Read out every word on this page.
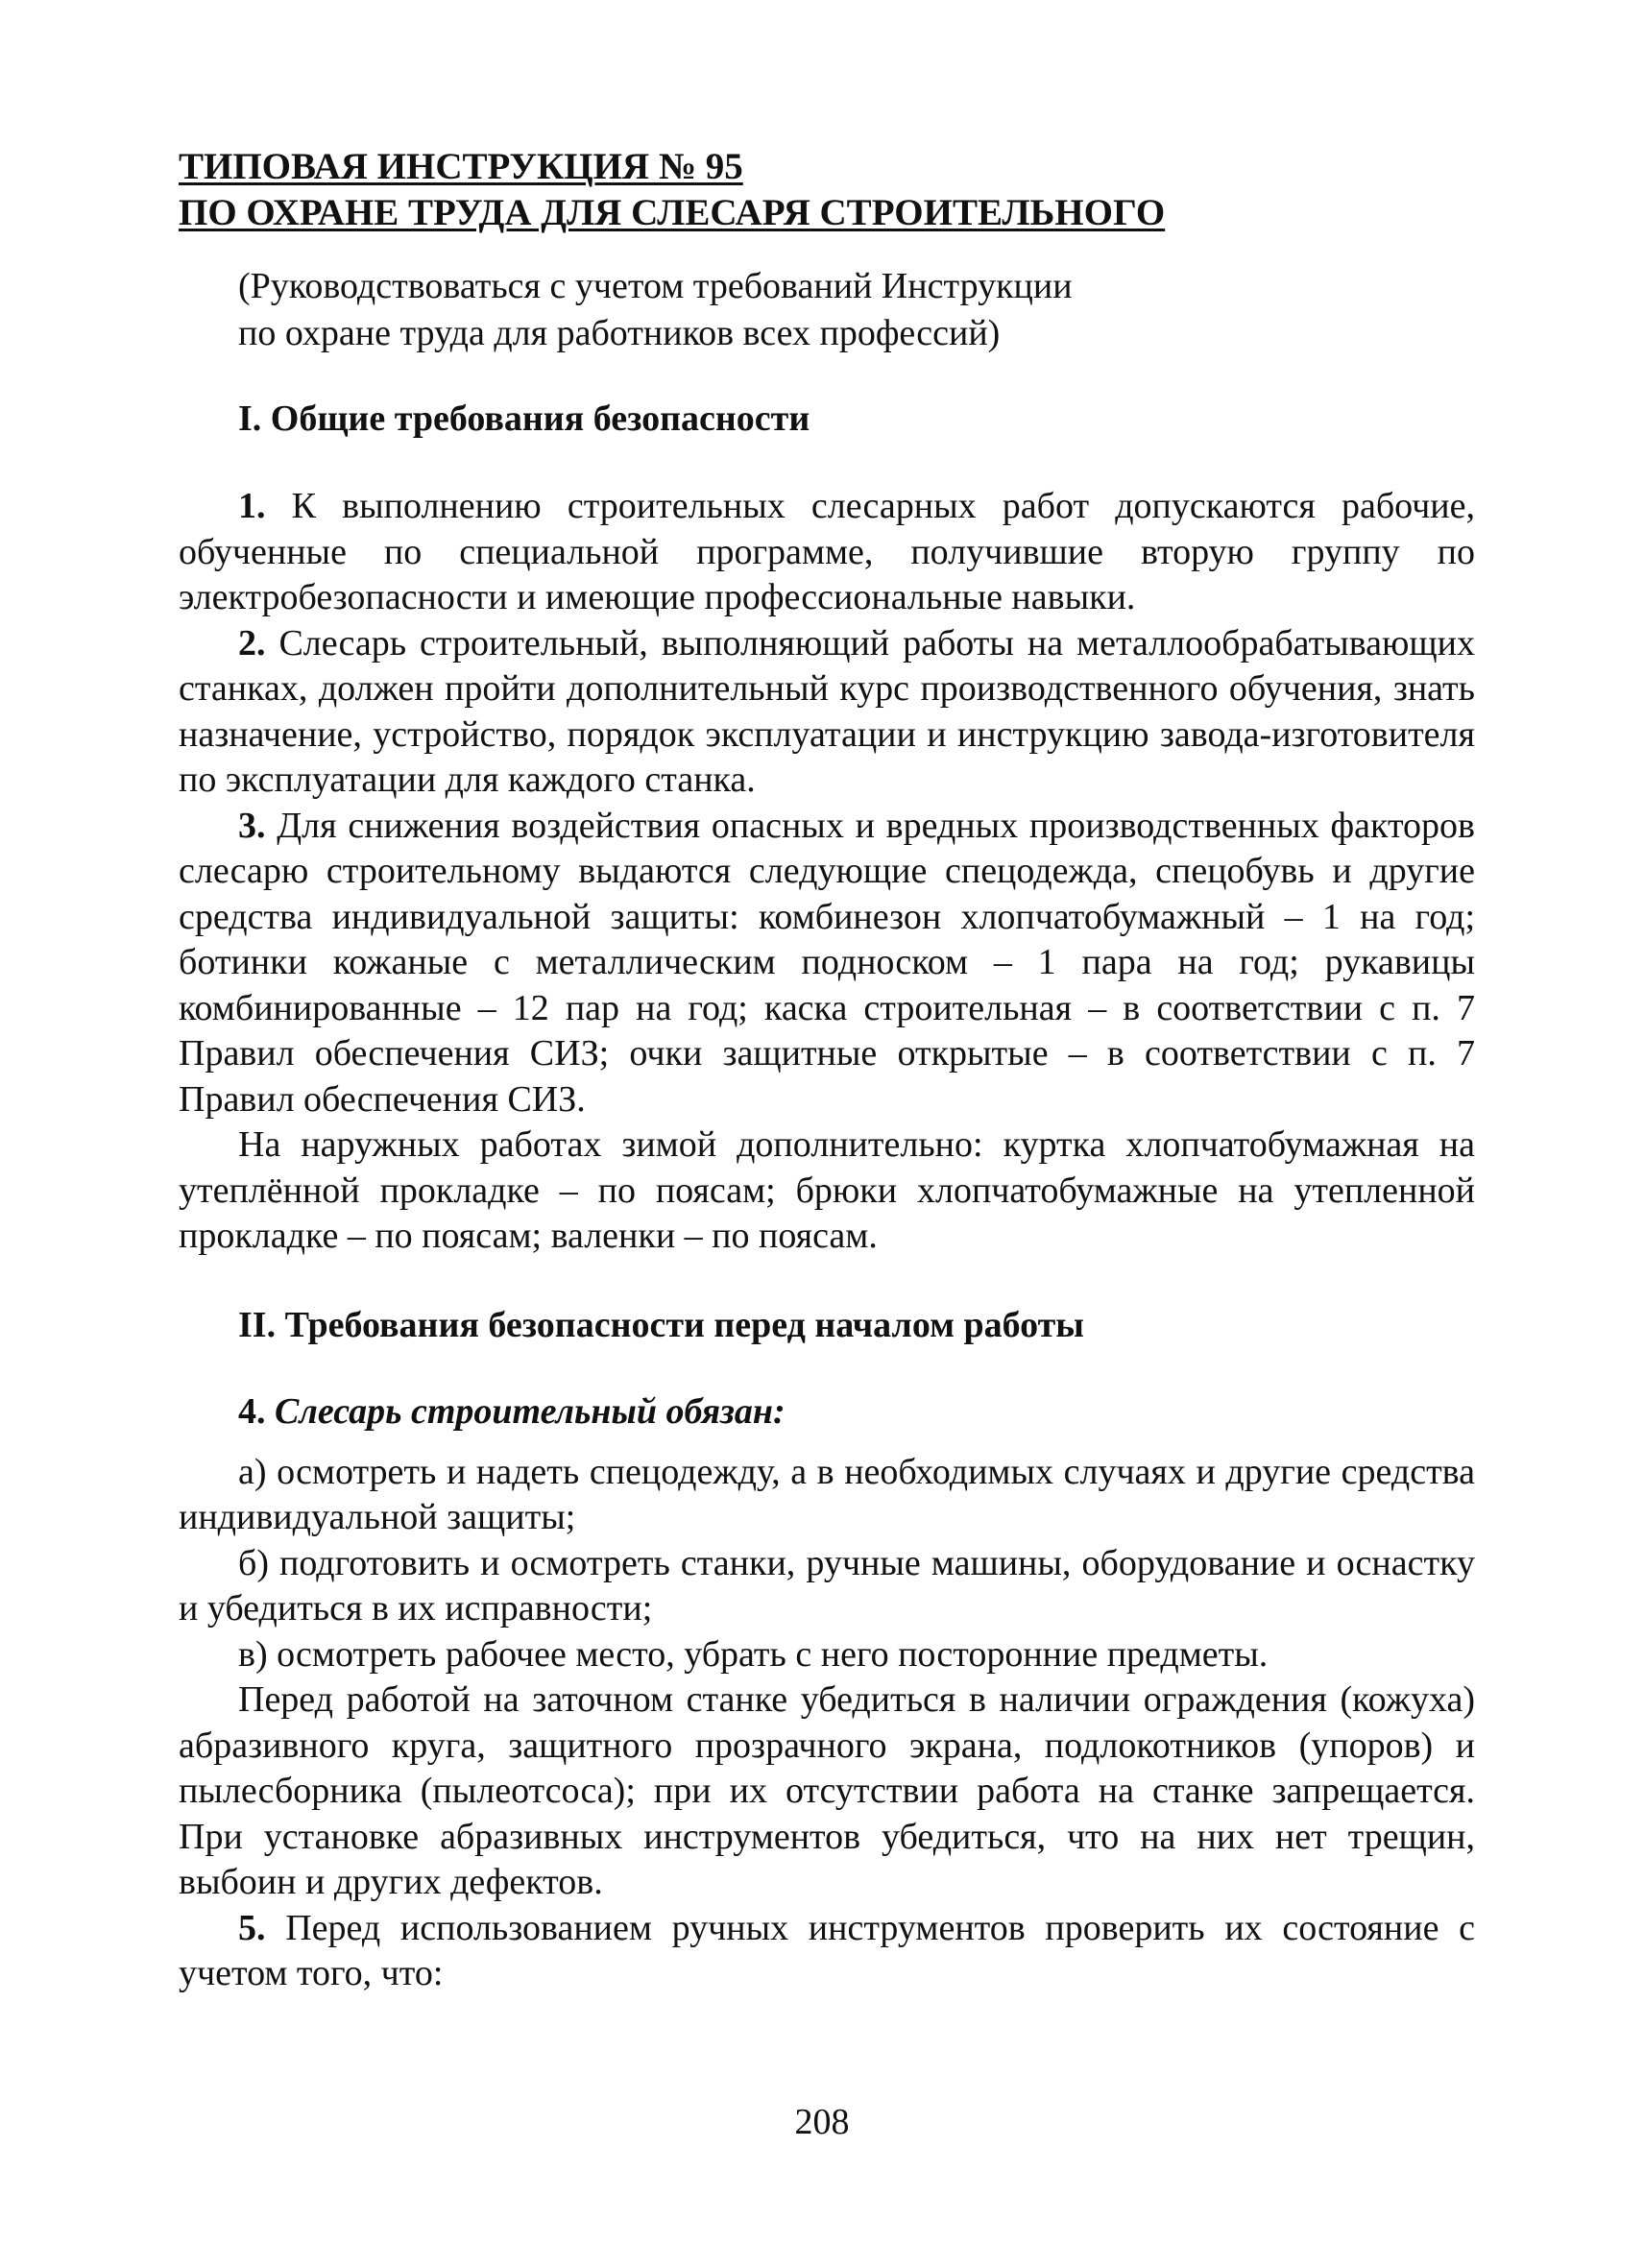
ТИПОВАЯ ИНСТРУКЦИЯ № 95
ПО ОХРАНЕ ТРУДА ДЛЯ СЛЕСАРЯ СТРОИТЕЛЬНОГО
(Руководствоваться с учетом требований Инструкции
по охране труда для работников всех профессий)
I. Общие требования безопасности

1. К выполнению строительных слесарных работ допускаются рабочие, обученные по специальной программе, получившие вторую группу по электробезопасности и имеющие профессиональные навыки.

2. Слесарь строительный, выполняющий работы на металлообрабатывающих станках, должен пройти дополнительный курс производственного обучения, знать назначение, устройство, порядок эксплуатации и инструкцию завода-изготовителя по эксплуатации для каждого станка.

3. Для снижения воздействия опасных и вредных производственных факторов слесарю строительному выдаются следующие спецодежда, спецобувь и другие средства индивидуальной защиты: комбинезон хлопчатобумажный – 1 на год; ботинки кожаные с металлическим подноском – 1 пара на год; рукавицы комбинированные – 12 пар на год; каска строительная – в соответствии с п. 7 Правил обеспечения СИЗ; очки защитные открытые – в соответствии с п. 7 Правил обеспечения СИЗ.

На наружных работах зимой дополнительно: куртка хлопчатобумажная на утеплённой прокладке – по поясам; брюки хлопчатобумажные на утепленной прокладке – по поясам; валенки – по поясам.

II. Требования безопасности перед началом работы
4. Слесарь строительный обязан:

а) осмотреть и надеть спецодежду, а в необходимых случаях и другие средства индивидуальной защиты;

б) подготовить и осмотреть станки, ручные машины, оборудование и оснастку и убедиться в их исправности;

в) осмотреть рабочее место, убрать с него посторонние предметы.

Перед работой на заточном станке убедиться в наличии ограждения (кожуха) абразивного круга, защитного прозрачного экрана, подлокотников (упоров) и пылесборника (пылеотсоса); при их отсутствии работа на станке запрещается. При установке абразивных инструментов убедиться, что на них нет трещин, выбоин и других дефектов.

5. Перед использованием ручных инструментов проверить их состояние с учетом того, что:

208
